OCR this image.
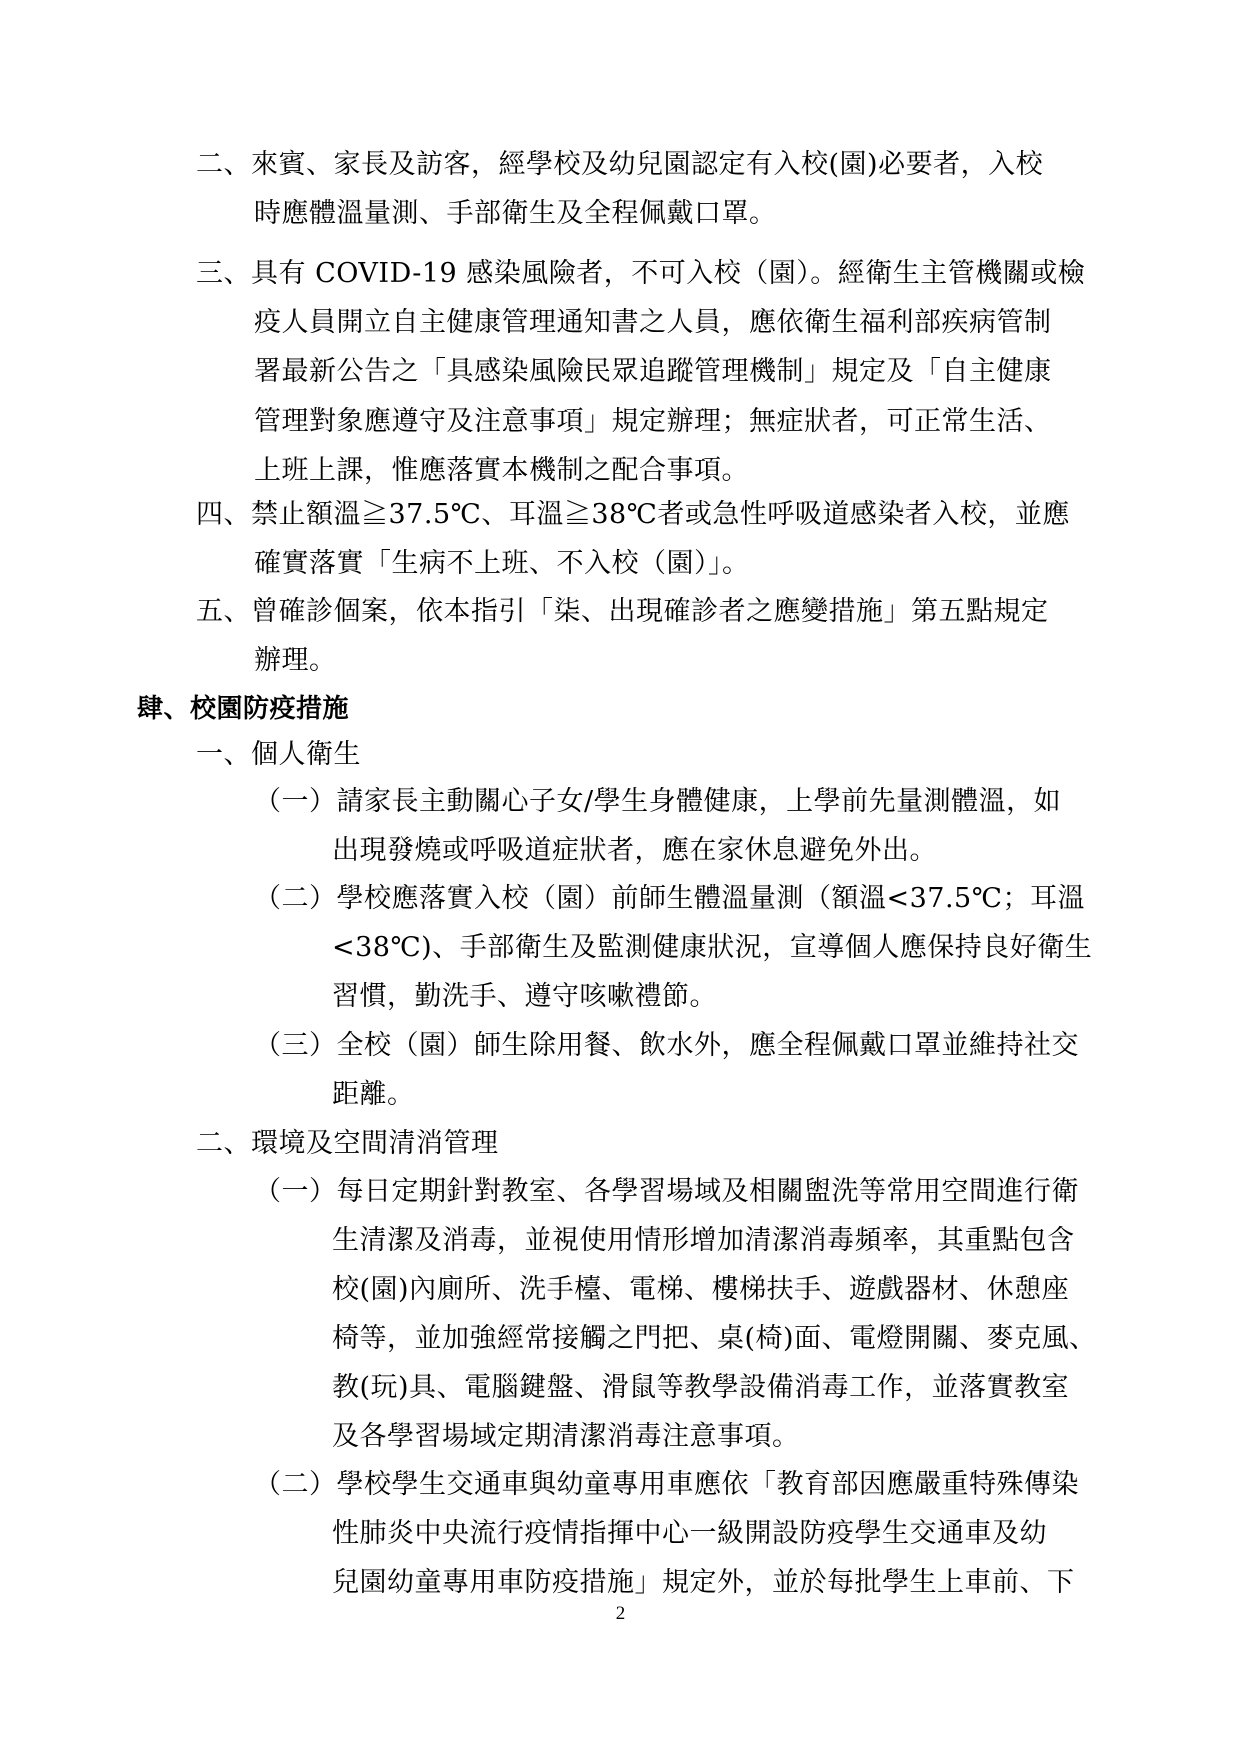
二、來賓、家長及訪客，經學校及幼兒園認定有入校(園)必要者，入校
時應體溫量測、手部衛生及全程佩戴口罩。
三、具有 COVID-19 感染風險者，不可入校（園）。經衛生主管機關或檢
疫人員開立自主健康管理通知書之人員，應依衛生福利部疾病管制
署最新公告之「具感染風險民眾追蹤管理機制」規定及「自主健康
管理對象應遵守及注意事項」規定辦理；無症狀者，可正常生活、
上班上課，惟應落實本機制之配合事項。
四、禁止額溫≧37.5℃、耳溫≧38℃者或急性呼吸道感染者入校，並應
確實落實「生病不上班、不入校（園）」。
五、曾確診個案，依本指引「柒、出現確診者之應變措施」第五點規定
辦理。
肆、校園防疫措施
一、個人衛生
（一）請家長主動關心子女/學生身體健康，上學前先量測體溫，如
出現發燒或呼吸道症狀者，應在家休息避免外出。
（二）學校應落實入校（園）前師生體溫量測（額溫<37.5℃；耳溫
<38℃)、手部衛生及監測健康狀況，宣導個人應保持良好衛生
習慣，勤洗手、遵守咳嗽禮節。
（三）全校（園）師生除用餐、飲水外，應全程佩戴口罩並維持社交
距離。
二、環境及空間清消管理
（一）每日定期針對教室、各學習場域及相關盥洗等常用空間進行衛
生清潔及消毒，並視使用情形增加清潔消毒頻率，其重點包含
校(園)內廁所、洗手檯、電梯、樓梯扶手、遊戲器材、休憩座
椅等，並加強經常接觸之門把、桌(椅)面、電燈開關、麥克風、
教(玩)具、電腦鍵盤、滑鼠等教學設備消毒工作，並落實教室
及各學習場域定期清潔消毒注意事項。
（二）學校學生交通車與幼童專用車應依「教育部因應嚴重特殊傳染
性肺炎中央流行疫情指揮中心一級開設防疫學生交通車及幼
兒園幼童專用車防疫措施」規定外，並於每批學生上車前、下
2
